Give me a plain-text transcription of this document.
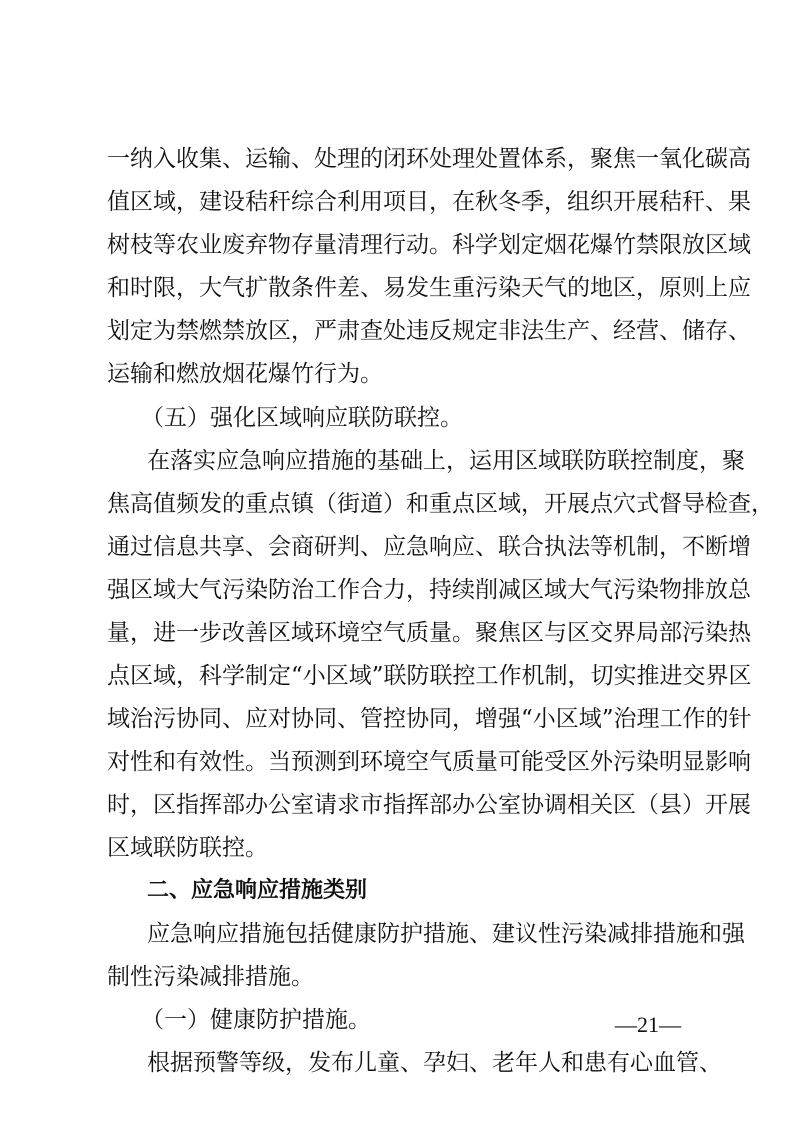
一纳入收集、运输、处理的闭环处理处置体系，聚焦一氧化碳高
值区域，建设秸秆综合利用项目，在秋冬季，组织开展秸秆、果
树枝等农业废弃物存量清理行动。科学划定烟花爆竹禁限放区域
和时限，大气扩散条件差、易发生重污染天气的地区，原则上应
划定为禁燃禁放区，严肃查处违反规定非法生产、经营、储存、
运输和燃放烟花爆竹行为。
（五）强化区域响应联防联控。
在落实应急响应措施的基础上，运用区域联防联控制度，聚
焦高值频发的重点镇（街道）和重点区域，开展点穴式督导检查，
通过信息共享、会商研判、应急响应、联合执法等机制，不断增
强区域大气污染防治工作合力，持续削减区域大气污染物排放总
量，进一步改善区域环境空气质量。聚焦区与区交界局部污染热
点区域，科学制定“小区域”联防联控工作机制，切实推进交界区
域治污协同、应对协同、管控协同，增强“小区域”治理工作的针
对性和有效性。当预测到环境空气质量可能受区外污染明显影响
时，区指挥部办公室请求市指挥部办公室协调相关区（县）开展
区域联防联控。
二、应急响应措施类别
应急响应措施包括健康防护措施、建议性污染减排措施和强
制性污染减排措施。
（一）健康防护措施。
根据预警等级，发布儿童、孕妇、老年人和患有心血管、
—21—
